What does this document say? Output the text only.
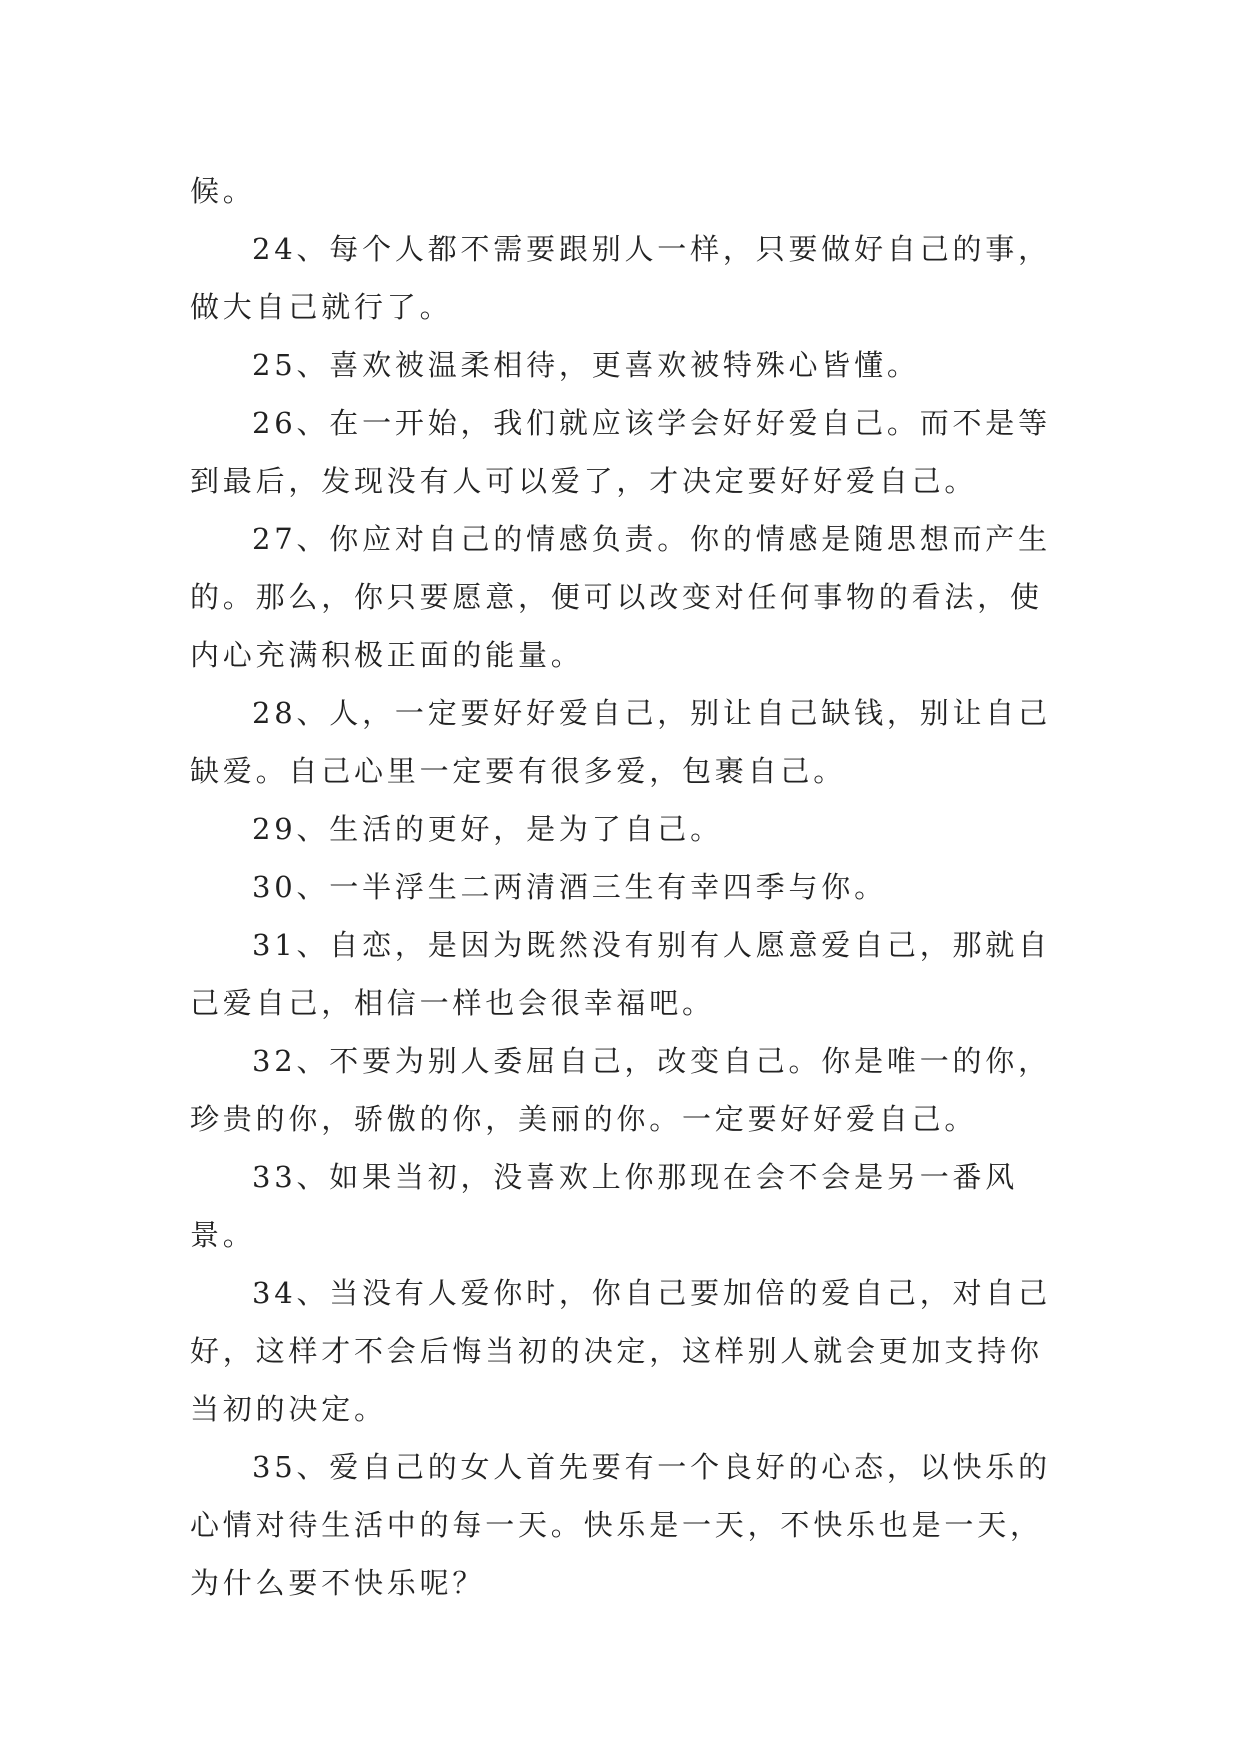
候。

24、每个人都不需要跟别人一样，只要做好自己的事，做大自己就行了。

25、喜欢被温柔相待，更喜欢被特殊心皆懂。

26、在一开始，我们就应该学会好好爱自己。而不是等到最后，发现没有人可以爱了，才决定要好好爱自己。

27、你应对自己的情感负责。你的情感是随思想而产生的。那么，你只要愿意，便可以改变对任何事物的看法，使内心充满积极正面的能量。

28、人，一定要好好爱自己，别让自己缺钱，别让自己缺爱。自己心里一定要有很多爱，包裹自己。

29、生活的更好，是为了自己。

30、一半浮生二两清酒三生有幸四季与你。

31、自恋，是因为既然没有别有人愿意爱自己，那就自己爱自己，相信一样也会很幸福吧。

32、不要为别人委屈自己，改变自己。你是唯一的你，珍贵的你，骄傲的你，美丽的你。一定要好好爱自己。

33、如果当初，没喜欢上你那现在会不会是另一番风景。

34、当没有人爱你时，你自己要加倍的爱自己，对自己好，这样才不会后悔当初的决定，这样别人就会更加支持你当初的决定。

35、爱自己的女人首先要有一个良好的心态，以快乐的心情对待生活中的每一天。快乐是一天，不快乐也是一天，为什么要不快乐呢？
